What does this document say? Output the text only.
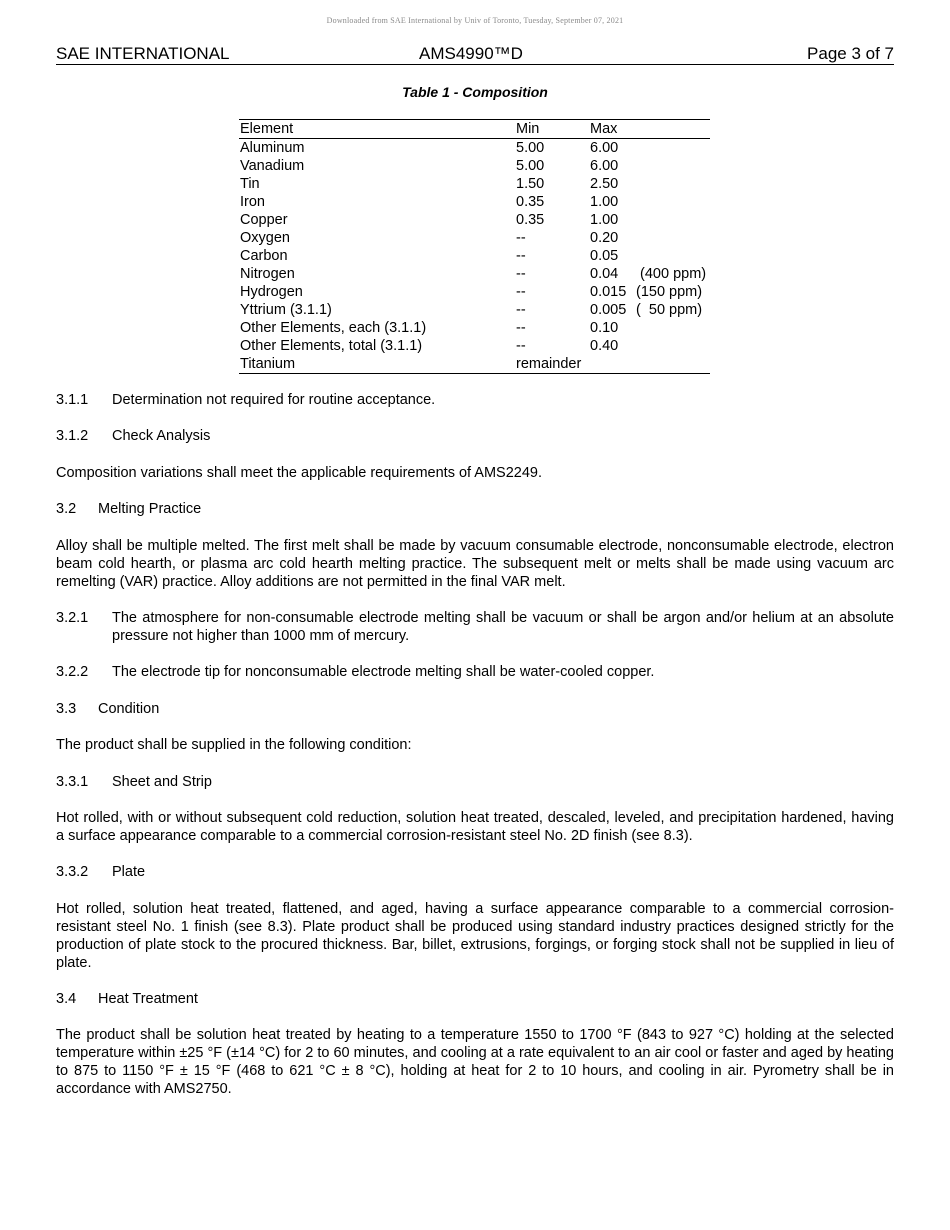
Downloaded from SAE International by Univ of Toronto, Tuesday, September 07, 2021
SAE INTERNATIONAL	AMS4990™D	Page 3 of 7
Table 1 - Composition
Element	Min	Max
Aluminum	5.00	6.00
Vanadium	5.00	6.00
Tin	1.50	2.50
Iron	0.35	1.00
Copper	0.35	1.00
Oxygen	--	0.20
Carbon	--	0.05
Nitrogen	--	0.04 (400 ppm)
Hydrogen	--	0.015 (150 ppm)
Yttrium (3.1.1)	--	0.005 (  50 ppm)
Other Elements, each (3.1.1)	--	0.10
Other Elements, total (3.1.1)	--	0.40
Titanium	remainder
3.1.1 Determination not required for routine acceptance.
3.1.2 Check Analysis
Composition variations shall meet the applicable requirements of AMS2249.
3.2 Melting Practice
Alloy shall be multiple melted. The first melt shall be made by vacuum consumable electrode, nonconsumable electrode, electron beam cold hearth, or plasma arc cold hearth melting practice. The subsequent melt or melts shall be made using vacuum arc remelting (VAR) practice. Alloy additions are not permitted in the final VAR melt.
3.2.1 The atmosphere for non-consumable electrode melting shall be vacuum or shall be argon and/or helium at an absolute pressure not higher than 1000 mm of mercury.
3.2.2 The electrode tip for nonconsumable electrode melting shall be water-cooled copper.
3.3 Condition
The product shall be supplied in the following condition:
3.3.1 Sheet and Strip
Hot rolled, with or without subsequent cold reduction, solution heat treated, descaled, leveled, and precipitation hardened, having a surface appearance comparable to a commercial corrosion-resistant steel No. 2D finish (see 8.3).
3.3.2 Plate
Hot rolled, solution heat treated, flattened, and aged, having a surface appearance comparable to a commercial corrosion-resistant steel No. 1 finish (see 8.3). Plate product shall be produced using standard industry practices designed strictly for the production of plate stock to the procured thickness. Bar, billet, extrusions, forgings, or forging stock shall not be supplied in lieu of plate.
3.4 Heat Treatment
The product shall be solution heat treated by heating to a temperature 1550 to 1700 °F (843 to 927 °C) holding at the selected temperature within ±25 °F (±14 °C) for 2 to 60 minutes, and cooling at a rate equivalent to an air cool or faster and aged by heating to 875 to 1150 °F ± 15 °F (468 to 621 °C ± 8 °C), holding at heat for 2 to 10 hours, and cooling in air. Pyrometry shall be in accordance with AMS2750.
